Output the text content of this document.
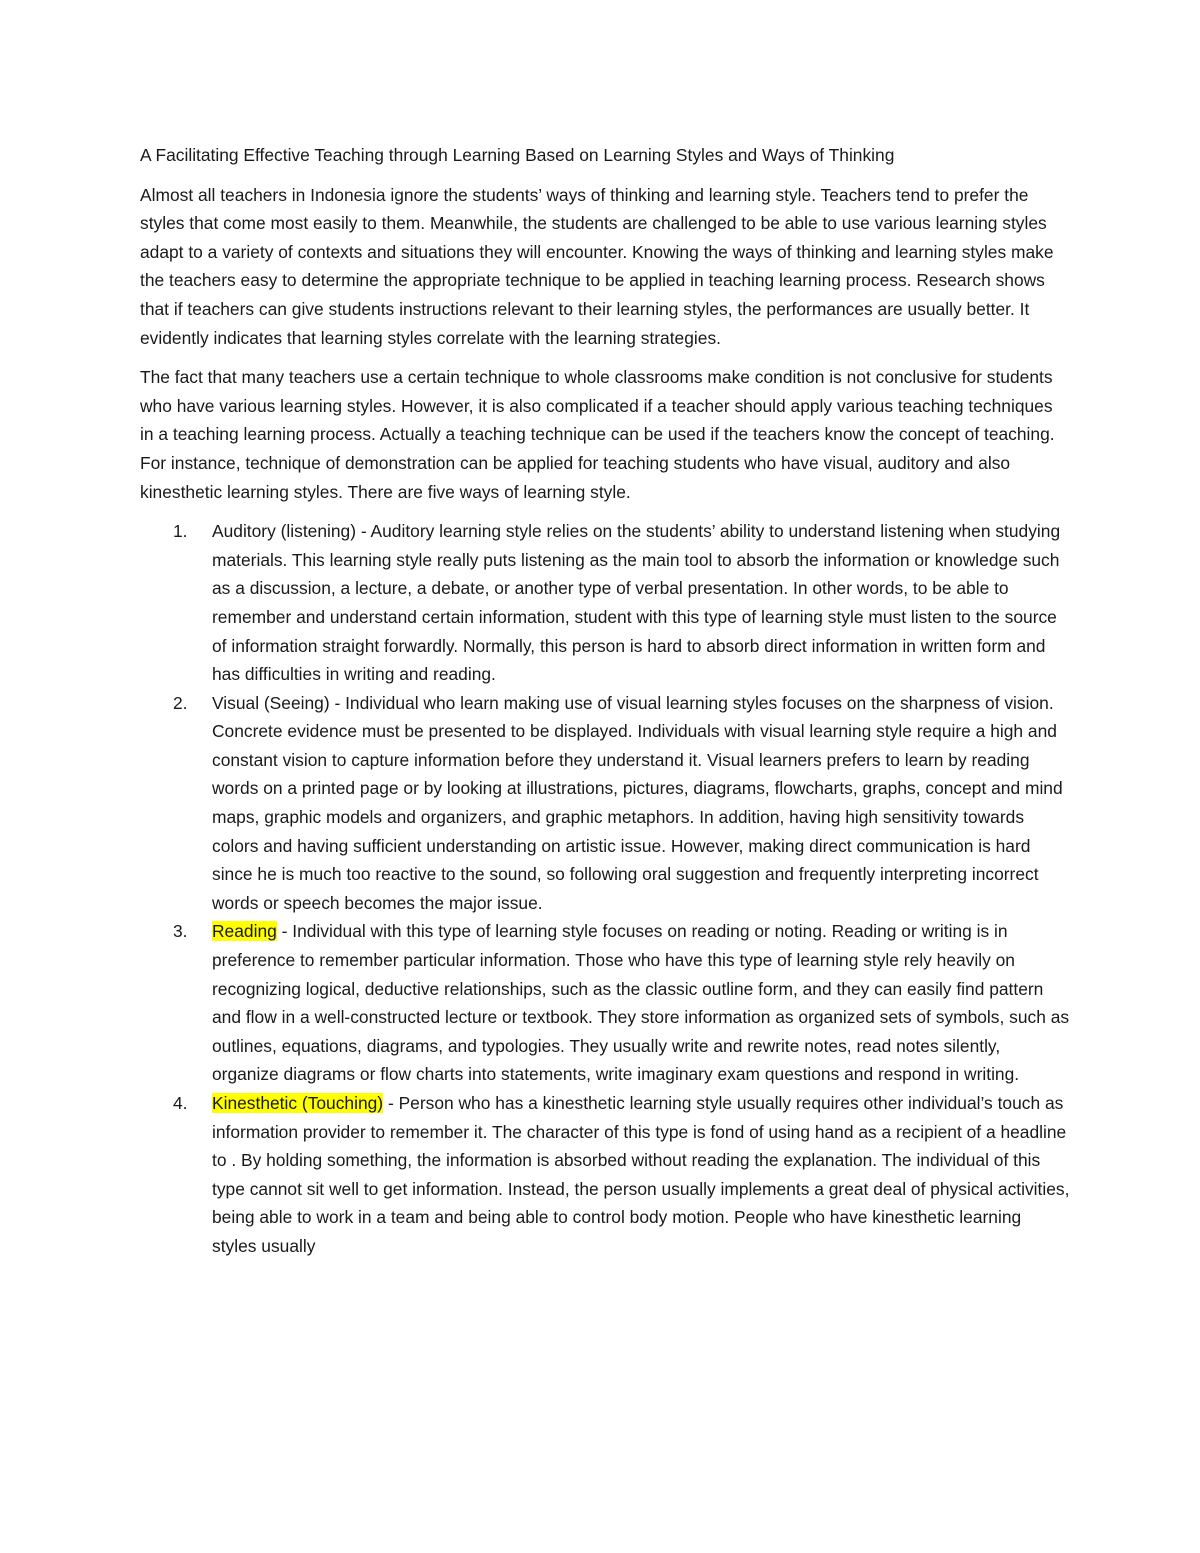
A Facilitating Effective Teaching through Learning Based on Learning Styles and Ways of Thinking

Almost all teachers in Indonesia ignore the students’ ways of thinking and learning style. Teachers tend to prefer the styles that come most easily to them. Meanwhile, the students are challenged to be able to use various learning styles adapt to a variety of contexts and situations they will encounter. Knowing the ways of thinking and learning styles make the teachers easy to determine the appropriate technique to be applied in teaching learning process. Research shows that if teachers can give students instructions relevant to their learning styles, the performances are usually better. It evidently indicates that learning styles correlate with the learning strategies.

The fact that many teachers use a certain technique to whole classrooms make condition is not conclusive for students who have various learning styles. However, it is also complicated if a teacher should apply various teaching techniques in a teaching learning process. Actually a teaching technique can be used if the teachers know the concept of teaching. For instance, technique of demonstration can be applied for teaching students who have visual, auditory and also kinesthetic learning styles. There are five ways of learning style.

1. Auditory (listening) - Auditory learning style relies on the students’ ability to understand listening when studying materials. This learning style really puts listening as the main tool to absorb the information or knowledge such as a discussion, a lecture, a debate, or another type of verbal presentation. In other words, to be able to remember and understand certain information, student with this type of learning style must listen to the source of information straight forwardly. Normally, this person is hard to absorb direct information in written form and has difficulties in writing and reading.
2. Visual (Seeing) - Individual who learn making use of visual learning styles focuses on the sharpness of vision. Concrete evidence must be presented to be displayed. Individuals with visual learning style require a high and constant vision to capture information before they understand it. Visual learners prefers to learn by reading words on a printed page or by looking at illustrations, pictures, diagrams, flowcharts, graphs, concept and mind maps, graphic models and organizers, and graphic metaphors. In addition, having high sensitivity towards colors and having sufficient understanding on artistic issue. However, making direct communication is hard since he is much too reactive to the sound, so following oral suggestion and frequently interpreting incorrect words or speech becomes the major issue.
3. Reading - Individual with this type of learning style focuses on reading or noting. Reading or writing is in preference to remember particular information. Those who have this type of learning style rely heavily on recognizing logical, deductive relationships, such as the classic outline form, and they can easily find pattern and flow in a well-constructed lecture or textbook. They store information as organized sets of symbols, such as outlines, equations, diagrams, and typologies. They usually write and rewrite notes, read notes silently, organize diagrams or flow charts into statements, write imaginary exam questions and respond in writing.
4. Kinesthetic (Touching) - Person who has a kinesthetic learning style usually requires other individual’s touch as information provider to remember it. The character of this type is fond of using hand as a recipient of a headline to . By holding something, the information is absorbed without reading the explanation. The individual of this type cannot sit well to get information. Instead, the person usually implements a great deal of physical activities, being able to work in a team and being able to control body motion. People who have kinesthetic learning styles usually
